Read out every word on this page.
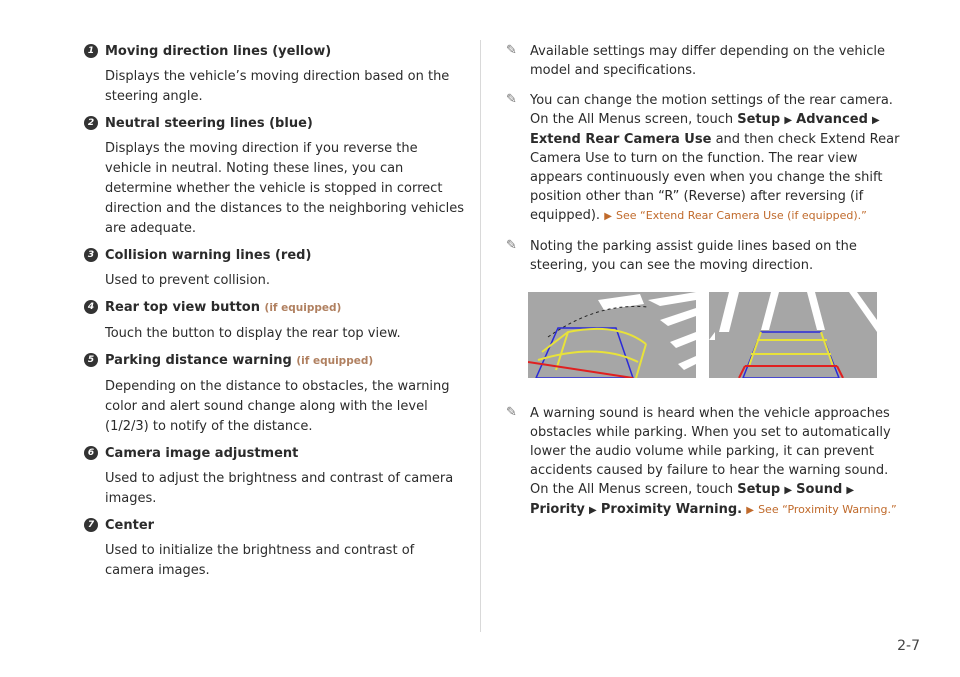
1 Moving direction lines (yellow)
Displays the vehicle’s moving direction based on the steering angle.
2 Neutral steering lines (blue)
Displays the moving direction if you reverse the vehicle in neutral. Noting these lines, you can determine whether the vehicle is stopped in correct direction and the distances to the neighboring vehicles are adequate.
3 Collision warning lines (red)
Used to prevent collision.
4 Rear top view button (if equipped)
Touch the button to display the rear top view.
5 Parking distance warning (if equipped)
Depending on the distance to obstacles, the warning color and alert sound change along with the level (1/2/3) to notify of the distance.
6 Camera image adjustment
Used to adjust the brightness and contrast of camera images.
7 Center
Used to initialize the brightness and contrast of camera images.
✎ Available settings may differ depending on the vehicle model and specifications.
✎ You can change the motion settings of the rear camera. On the All Menus screen, touch Setup ▶ Advanced ▶ Extend Rear Camera Use and then check Extend Rear Camera Use to turn on the function. The rear view appears continuously even when you change the shift position other than “R” (Reverse) after reversing (if equipped). ▶ See “Extend Rear Camera Use (if equipped).”
✎ Noting the parking assist guide lines based on the steering, you can see the moving direction.
✎ A warning sound is heard when the vehicle approaches obstacles while parking. When you set to automatically lower the audio volume while parking, it can prevent accidents caused by failure to hear the warning sound. On the All Menus screen, touch Setup ▶ Sound ▶ Priority ▶ Proximity Warning. ▶ See “Proximity Warning.”
2-7
